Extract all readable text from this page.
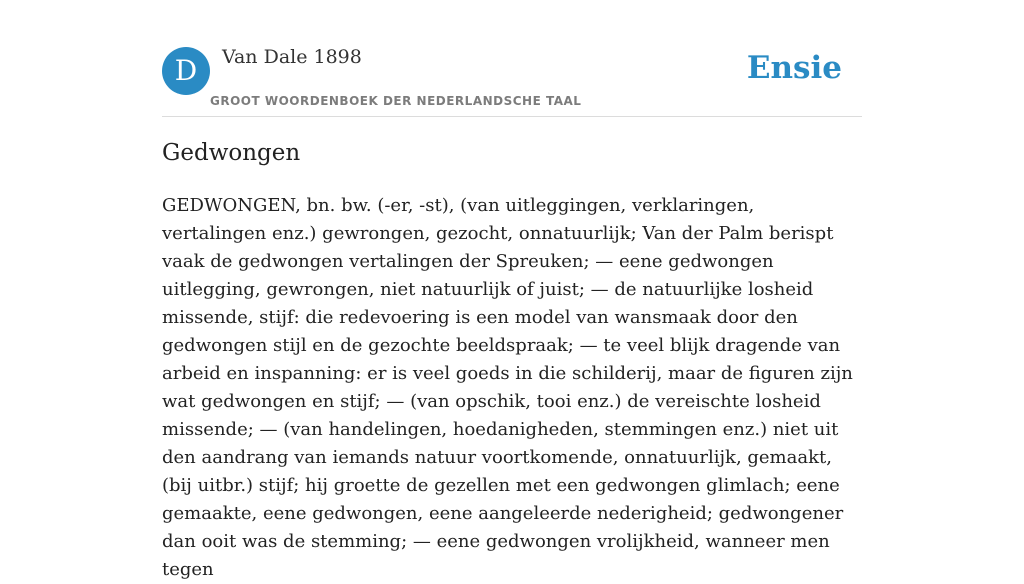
D	Van Dale 1898
GROOT WOORDENBOEK DER NEDERLANDSCHE TAAL
Ensie
Gedwongen

GEDWONGEN, bn. bw. (-er, -st), (van uitleggingen, verklaringen, vertalingen enz.) gewrongen, gezocht, onnatuurlijk; Van der Palm berispt vaak de gedwongen vertalingen der Spreuken; — eene gedwongen uitlegging, gewrongen, niet natuurlijk of juist; — de natuurlijke losheid missende, stijf: die redevoering is een model van wansmaak door den gedwongen stijl en de gezochte beeldspraak; — te veel blijk dragende van arbeid en inspanning: er is veel goeds in die schilderij, maar de figuren zijn wat gedwongen en stijf; — (van opschik, tooi enz.) de vereischte losheid missende; — (van handelingen, hoedanigheden, stemmingen enz.) niet uit den aandrang van iemands natuur voortkomende, onnatuurlijk, gemaakt, (bij uitbr.) stijf; hij groette de gezellen met een gedwongen glimlach; eene gemaakte, eene gedwongen, eene aangeleerde nederigheid; gedwongener dan ooit was de stemming; — eene gedwongen vrolijkheid, wanneer men tegen
